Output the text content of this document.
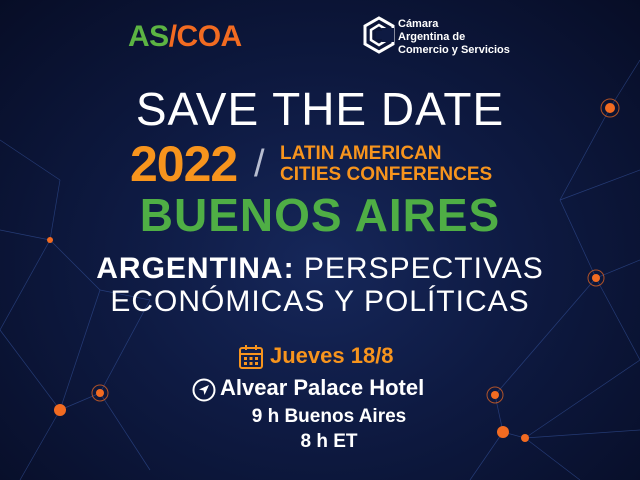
AS/COA	Cámara
Argentina de
Comercio y Servicios
SAVE THE DATE
2022 / LATIN AMERICAN
CITIES CONFERENCES
BUENOS AIRES
ARGENTINA: PERSPECTIVAS
ECONÓMICAS Y POLÍTICAS
Jueves 18/8
Alvear Palace Hotel
9 h Buenos Aires
8 h ET
